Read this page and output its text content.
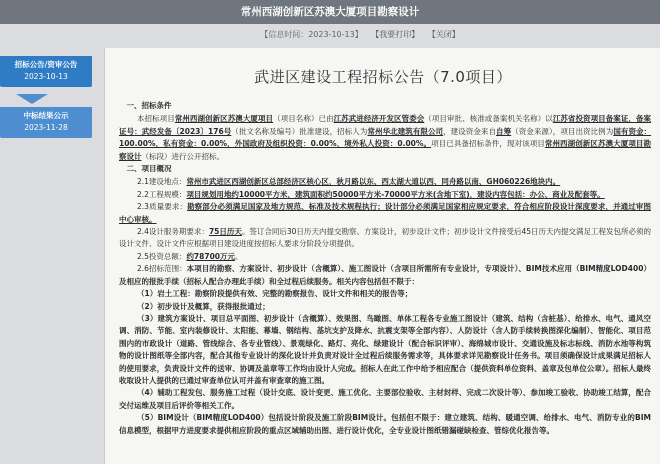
常州西湖创新区苏澳大厦项目勘察设计
【信息时间：2023-10-13】 【我要打印】 【关闭】
招标公告/资审公告
2023-10-13
中标结果公示
2023-11-28
武进区建设工程招标公告（7.0项目）

一、招标条件

本招标项目常州西湖创新区苏澳大厦项目（项目名称）已由江苏武进经济开发区管委会（项目审批、核准或备案机关名称）以江苏省投资项目备案证，备案证号：武经发备〔2023〕176号（批文名称及编号）批准建设，招标人为常州华北建筑有限公司，建设资金来自自筹（资金来源），项目出资比例为国有资金：100.00%，私有资金：0.00%，外国政府及组织投资：0.00%，境外私人投资：0.00%。项目已具备招标条件，现对该项目常州西湖创新区苏澳大厦项目勘察设计（标段）进行公开招标。

二、项目概况

2.1建设地点：常州市武进区西湖创新区总部经济区核心区，秋月路以东、西太湖大道以西、同舟路以南、GH060226地块内。

2.2工程规模：项目规划用地约10000平方米，建筑面积约50000平方米-70000平方米(含地下室)，建设内容包括：办公、商业及配套等。

2.3质量要求：勘察部分必须满足国家及地方规范、标准及技术规程执行；设计部分必须满足国家相应规定要求，符合相应阶段设计深度要求，并通过审图中心审核。

2.4设计服务期要求：75日历天。签订合同后30日历天内提交勘察、方案设计，初步设计文件；初步设计文件接受后45日历天内提交满足工程发包所必须的设计文件、设计文件应根据项目建设进度按招标人要求分阶段分项提供。

2.5投资总额：约78700万元。

2.6招标范围：本项目的勘察、方案设计、初步设计（含概算）、施工图设计（含项目所需所有专业设计，专项设计）、BIM技术应用（BIM精度LOD400）及相应的报批手续（招标人配合办理此手续）和全过程后续服务。相关内容包括但不限于：

（1）岩土工程：勘察阶段提供有效、完整的勘察报告、设计文件和相关的报告等；

（2）初步设计及概算，获得报批通过；

（3）建筑方案设计、项目总平面图、初步设计（含概算）、效果图、鸟瞰图、单体工程各专业施工图设计（建筑、结构（含桩基）、给排水、电气、通风空调、消防、节能、室内装修设计、太阳能、幕墙、钢结构、基坑支护及降水、抗震支架等全部内容）、人防设计（含人防手续转换图深化编制）、智能化、项目范围内的市政设计（道路、管线综合、各专业管线）、景观绿化、路灯、亮化、绿建设计（配合标识评审）、海绵城市设计、交通设施及标志标线、消防水池等构筑物的设计图纸等全部内容，配合其他专业设计的深化设计并负责对设计全过程后续服务需求等，具体要求详见勘察设计任务书。项目须确保设计成果满足招标人的使用要求，负责设计文件的送审、协调及盖章等工作均由设计人完成。招标人在此工作中给予相应配合（提供资料单位资料、盖章及包单位公章）。招标人最终收取设计人提供的已通过审查单位认可并盖有审查章的施工图。

（4）辅助工程发包、服务施工过程（设计交底、设计变更、施工优化、主要部位验收、主材封样、完成二次设计等）、参加竣工验收、协助竣工结算，配合交付运维及项目后评价等相关工作。

（5）BIM设计（BIM精度LOD400）包括设计阶段及施工阶段BIM设计。包括但不限于：建立建筑、结构、暖通空调、给排水、电气、消防专业的BIM信息模型，根据甲方进度要求提供相应阶段的重点区域辅助出图、进行设计优化，全专业设计图纸错漏碰缺检查、管综优化报告等。
